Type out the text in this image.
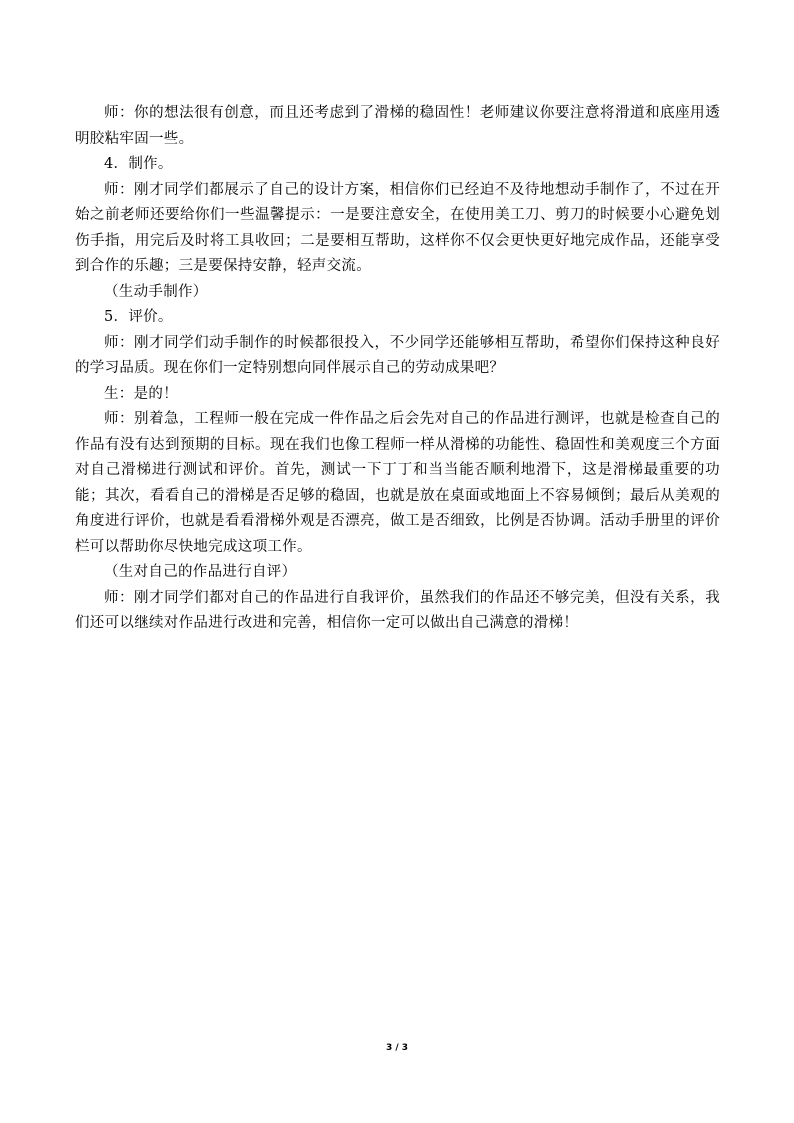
师：你的想法很有创意，而且还考虑到了滑梯的稳固性！老师建议你要注意将滑道和底座用透明胶粘牢固一些。

4．制作。

师：刚才同学们都展示了自己的设计方案，相信你们已经迫不及待地想动手制作了，不过在开始之前老师还要给你们一些温馨提示：一是要注意安全，在使用美工刀、剪刀的时候要小心避免划伤手指，用完后及时将工具收回；二是要相互帮助，这样你不仅会更快更好地完成作品，还能享受到合作的乐趣；三是要保持安静，轻声交流。

（生动手制作）

5．评价。

师：刚才同学们动手制作的时候都很投入，不少同学还能够相互帮助，希望你们保持这种良好的学习品质。现在你们一定特别想向同伴展示自己的劳动成果吧？

生：是的！

师：别着急，工程师一般在完成一件作品之后会先对自己的作品进行测评，也就是检查自己的作品有没有达到预期的目标。现在我们也像工程师一样从滑梯的功能性、稳固性和美观度三个方面对自己滑梯进行测试和评价。首先，测试一下丁丁和当当能否顺利地滑下，这是滑梯最重要的功能；其次，看看自己的滑梯是否足够的稳固，也就是放在桌面或地面上不容易倾倒；最后从美观的角度进行评价，也就是看看滑梯外观是否漂亮，做工是否细致，比例是否协调。活动手册里的评价栏可以帮助你尽快地完成这项工作。

（生对自己的作品进行自评）

师：刚才同学们都对自己的作品进行自我评价，虽然我们的作品还不够完美，但没有关系，我们还可以继续对作品进行改进和完善，相信你一定可以做出自己满意的滑梯！

3 / 3
